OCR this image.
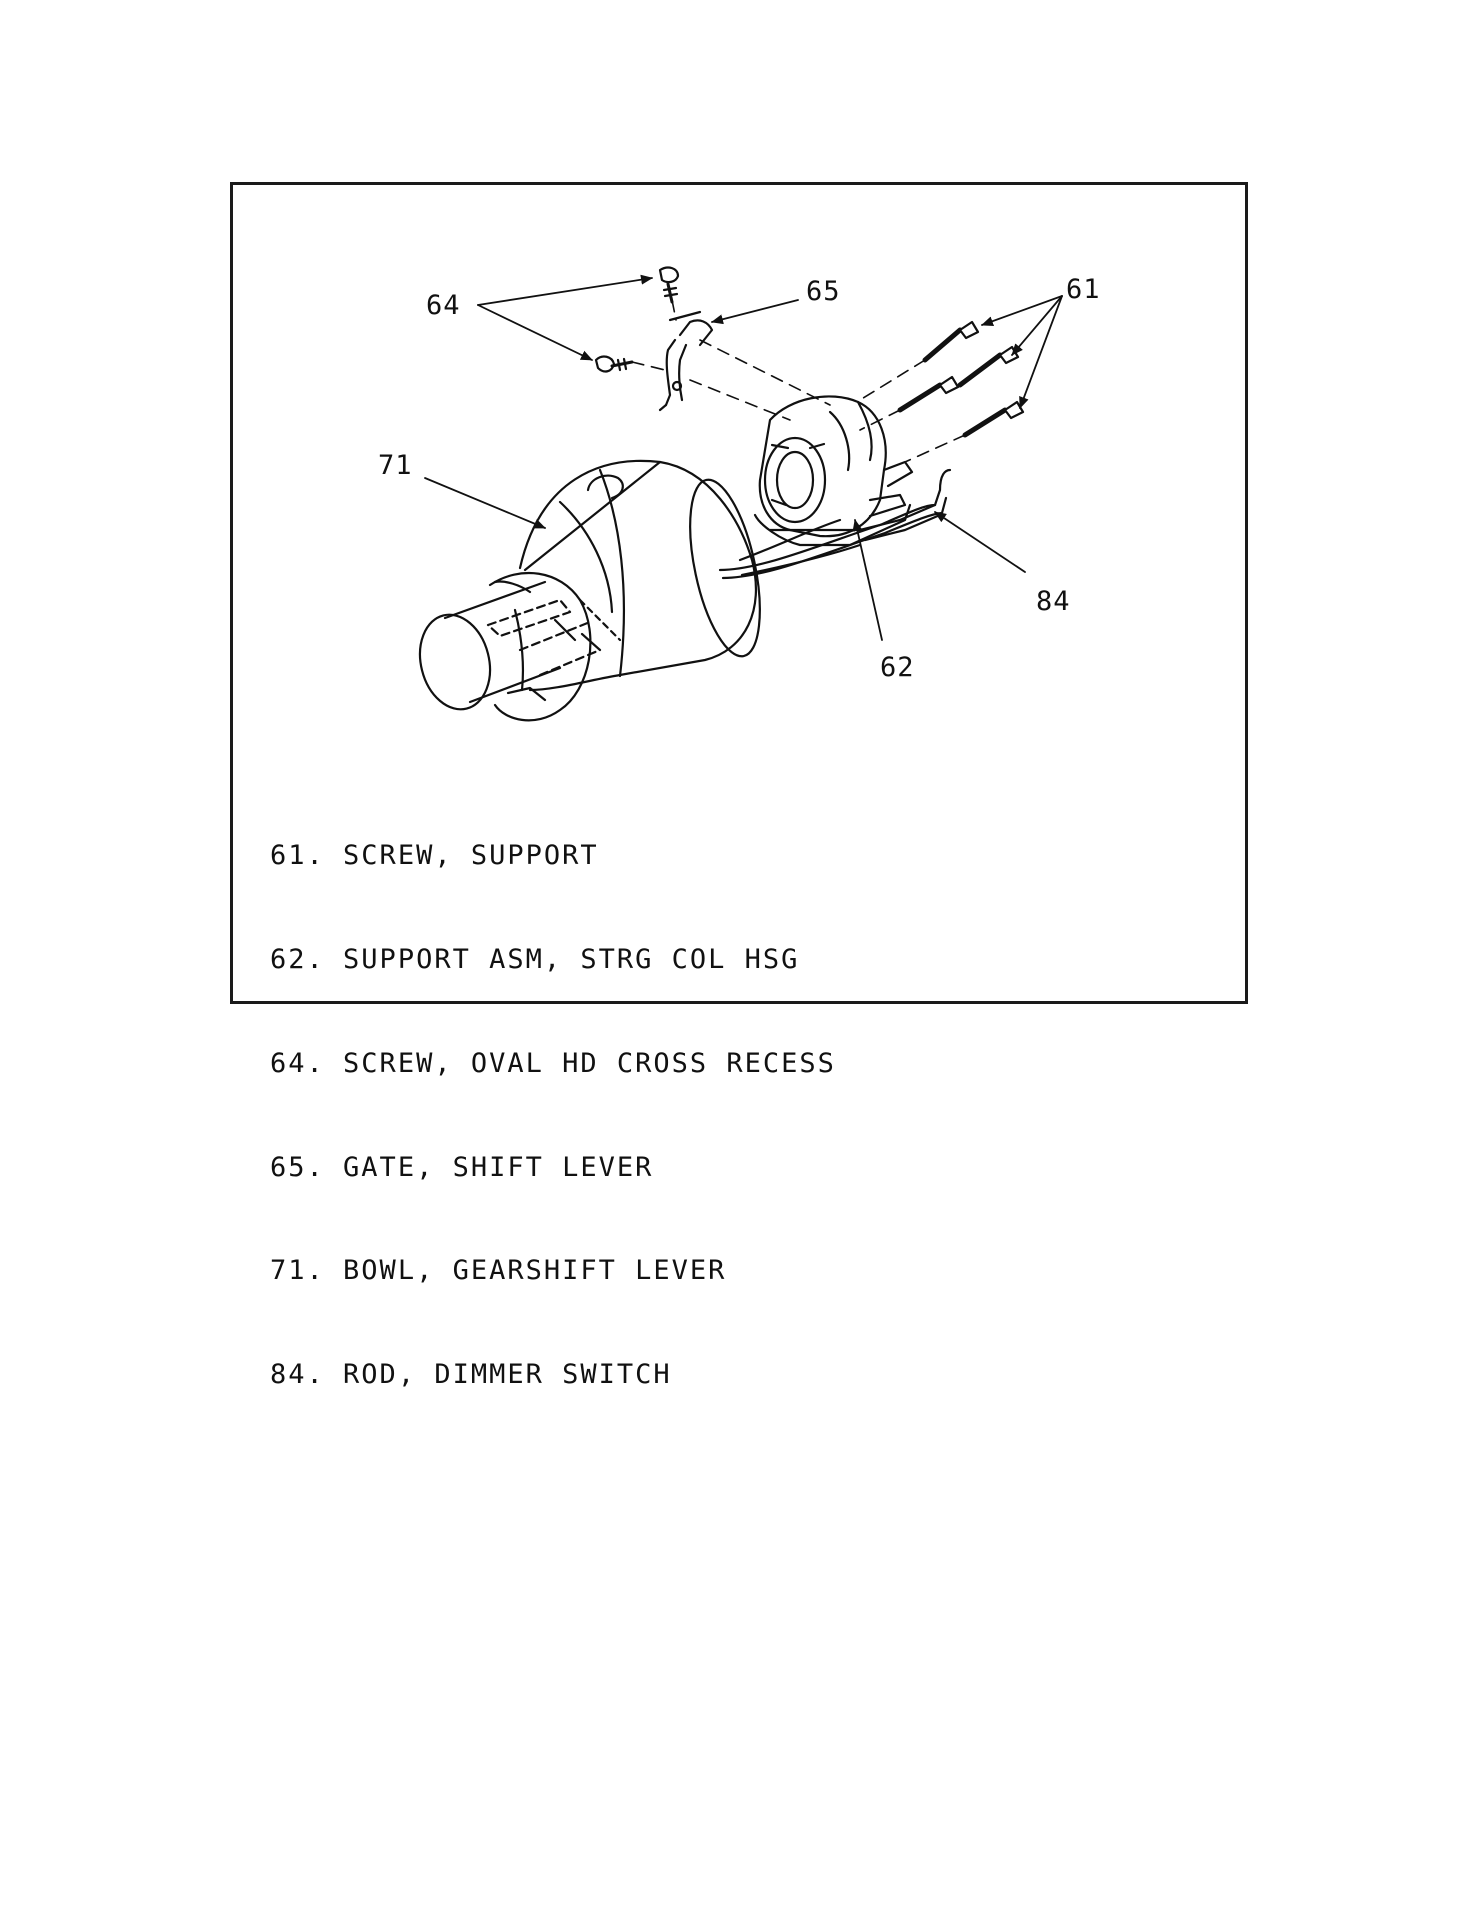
64	65	61
71
84
62

61. SCREW, SUPPORT

62. SUPPORT ASM, STRG COL HSG

64. SCREW, OVAL HD CROSS RECESS

65. GATE, SHIFT LEVER

71. BOWL, GEARSHIFT LEVER

84. ROD, DIMMER SWITCH
